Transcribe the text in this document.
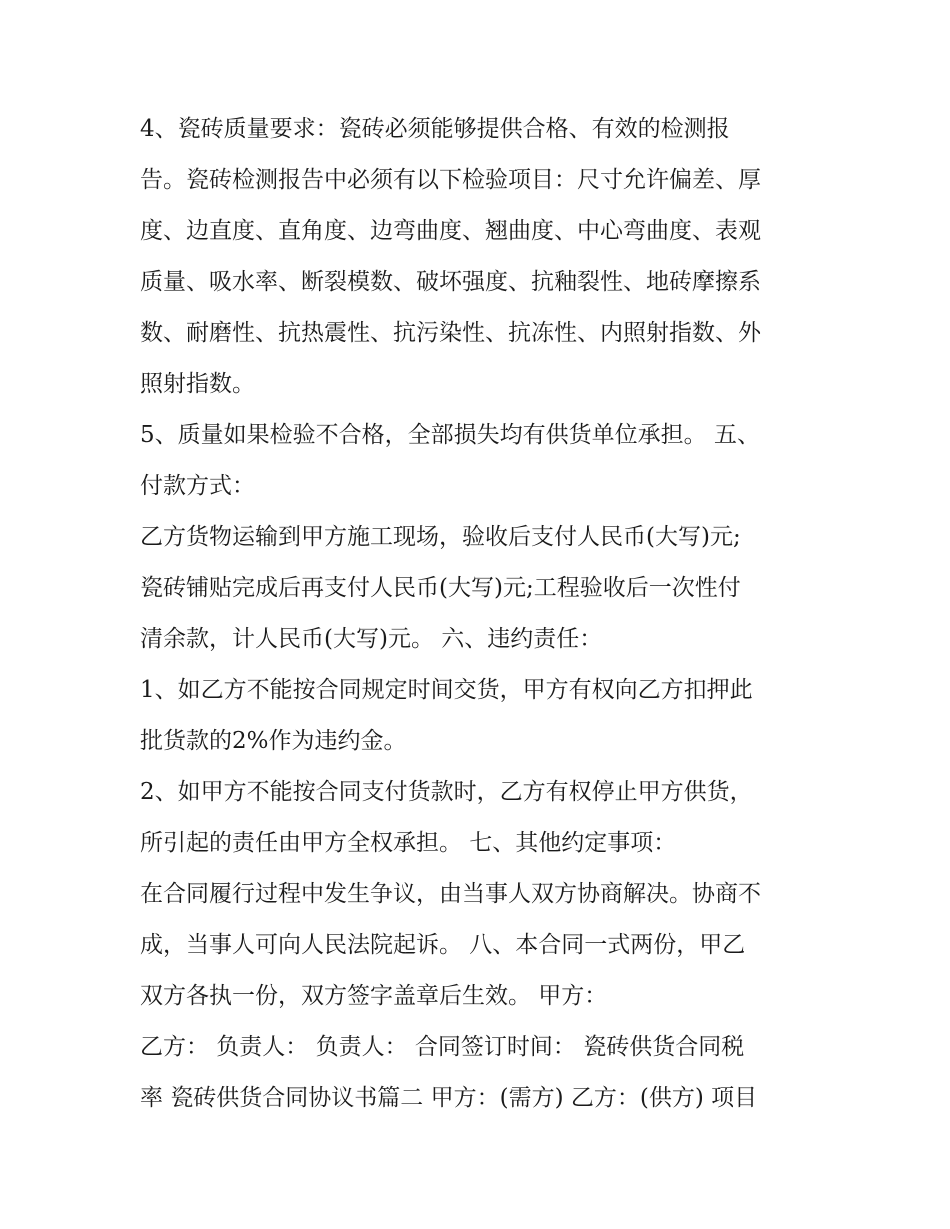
4、瓷砖质量要求：瓷砖必须能够提供合格、有效的检测报
告。瓷砖检测报告中必须有以下检验项目：尺寸允许偏差、厚
度、边直度、直角度、边弯曲度、翘曲度、中心弯曲度、表观
质量、吸水率、断裂模数、破坏强度、抗釉裂性、地砖摩擦系
数、耐磨性、抗热震性、抗污染性、抗冻性、内照射指数、外
照射指数。
5、质量如果检验不合格，全部损失均有供货单位承担。 五、
付款方式：
乙方货物运输到甲方施工现场，验收后支付人民币(大写)元;
瓷砖铺贴完成后再支付人民币(大写)元;工程验收后一次性付
清余款，计人民币(大写)元。 六、违约责任：
1、如乙方不能按合同规定时间交货，甲方有权向乙方扣押此
批货款的2%作为违约金。
2、如甲方不能按合同支付货款时，乙方有权停止甲方供货，
所引起的责任由甲方全权承担。 七、其他约定事项：
在合同履行过程中发生争议，由当事人双方协商解决。协商不
成，当事人可向人民法院起诉。 八、本合同一式两份，甲乙
双方各执一份，双方签字盖章后生效。 甲方：
乙方： 负责人： 负责人： 合同签订时间： 瓷砖供货合同税
率 瓷砖供货合同协议书篇二 甲方：(需方) 乙方：(供方) 项目
